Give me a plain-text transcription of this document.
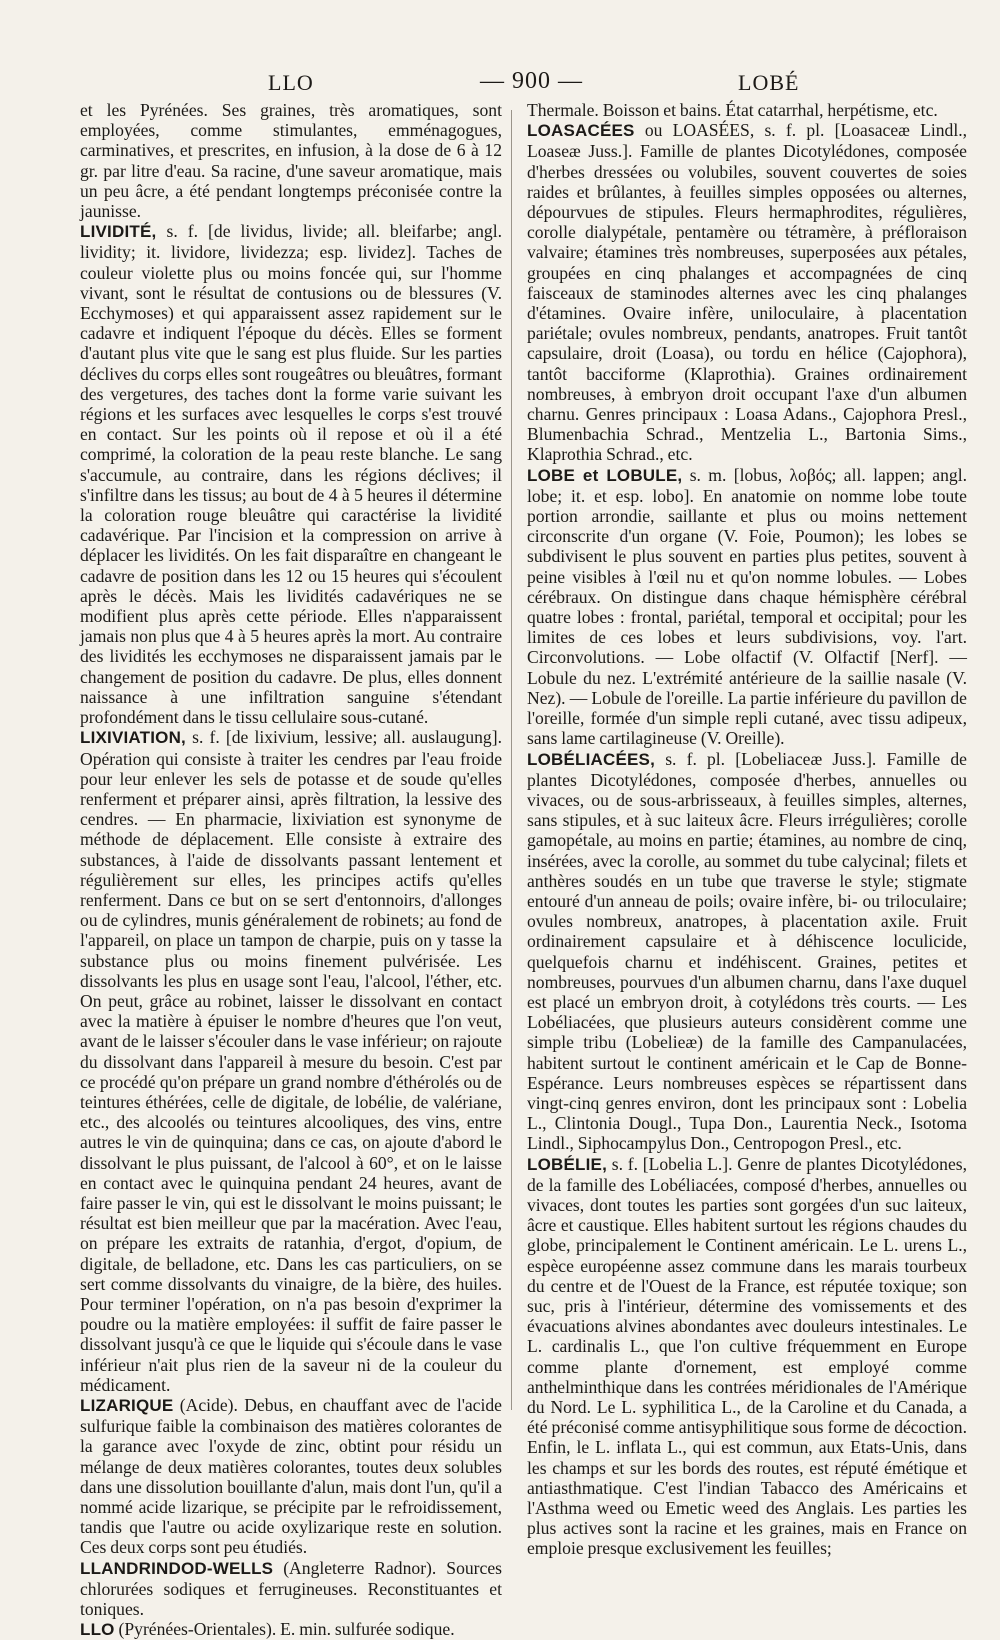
LLO	— 900 —	LOBÉ

et les Pyrénées. Ses graines, très aromatiques, sont employées, comme stimulantes, emménagogues, carminatives, et prescrites, en infusion, à la dose de 6 à 12 gr. par litre d'eau. Sa racine, d'une saveur aromatique, mais un peu âcre, a été pendant longtemps préconisée contre la jaunisse.

LIVIDITÉ, s. f. [de lividus, livide; all. bleifarbe; angl. lividity; it. lividore, lividezza; esp. lividez]. Taches de couleur violette plus ou moins foncée qui, sur l'homme vivant, sont le résultat de contusions ou de blessures (V. Ecchymoses) et qui apparaissent assez rapidement sur le cadavre et indiquent l'époque du décès. Elles se forment d'autant plus vite que le sang est plus fluide. Sur les parties déclives du corps elles sont rougeâtres ou bleuâtres, formant des vergetures, des taches dont la forme varie suivant les régions et les surfaces avec lesquelles le corps s'est trouvé en contact. Sur les points où il repose et où il a été comprimé, la coloration de la peau reste blanche. Le sang s'accumule, au contraire, dans les régions déclives; il s'infiltre dans les tissus; au bout de 4 à 5 heures il détermine la coloration rouge bleuâtre qui caractérise la lividité cadavérique. Par l'incision et la compression on arrive à déplacer les lividités. On les fait disparaître en changeant le cadavre de position dans les 12 ou 15 heures qui s'écoulent après le décès. Mais les lividités cadavériques ne se modifient plus après cette période. Elles n'apparaissent jamais non plus que 4 à 5 heures après la mort. Au contraire des lividités les ecchymoses ne disparaissent jamais par le changement de position du cadavre. De plus, elles donnent naissance à une infiltration sanguine s'étendant profondément dans le tissu cellulaire sous-cutané.

LIXIVIATION, s. f. [de lixivium, lessive; all. auslaugung]. Opération qui consiste à traiter les cendres par l'eau froide pour leur enlever les sels de potasse et de soude qu'elles renferment et préparer ainsi, après filtration, la lessive des cendres. — En pharmacie, lixiviation est synonyme de méthode de déplacement. Elle consiste à extraire des substances, à l'aide de dissolvants passant lentement et régulièrement sur elles, les principes actifs qu'elles renferment. Dans ce but on se sert d'entonnoirs, d'allonges ou de cylindres, munis généralement de robinets; au fond de l'appareil, on place un tampon de charpie, puis on y tasse la substance plus ou moins finement pulvérisée. Les dissolvants les plus en usage sont l'eau, l'alcool, l'éther, etc. On peut, grâce au robinet, laisser le dissolvant en contact avec la matière à épuiser le nombre d'heures que l'on veut, avant de le laisser s'écouler dans le vase inférieur; on rajoute du dissolvant dans l'appareil à mesure du besoin. C'est par ce procédé qu'on prépare un grand nombre d'éthérolés ou de teintures éthérées, celle de digitale, de lobélie, de valériane, etc., des alcoolés ou teintures alcooliques, des vins, entre autres le vin de quinquina; dans ce cas, on ajoute d'abord le dissolvant le plus puissant, de l'alcool à 60°, et on le laisse en contact avec le quinquina pendant 24 heures, avant de faire passer le vin, qui est le dissolvant le moins puissant; le résultat est bien meilleur que par la macération. Avec l'eau, on prépare les extraits de ratanhia, d'ergot, d'opium, de digitale, de belladone, etc. Dans les cas particuliers, on se sert comme dissolvants du vinaigre, de la bière, des huiles. Pour terminer l'opération, on n'a pas besoin d'exprimer la poudre ou la matière employées: il suffit de faire passer le dissolvant jusqu'à ce que le liquide qui s'écoule dans le vase inférieur n'ait plus rien de la saveur ni de la couleur du médicament.

LIZARIQUE (Acide). Debus, en chauffant avec de l'acide sulfurique faible la combinaison des matières colorantes de la garance avec l'oxyde de zinc, obtint pour résidu un mélange de deux matières colorantes, toutes deux solubles dans une dissolution bouillante d'alun, mais dont l'un, qu'il a nommé acide lizarique, se précipite par le refroidissement, tandis que l'autre ou acide oxylizarique reste en solution. Ces deux corps sont peu étudiés.

LLANDRINDOD-WELLS (Angleterre Radnor). Sources chlorurées sodiques et ferrugineuses. Reconstituantes et toniques.

LLO (Pyrénées-Orientales). E. min. sulfurée sodique.

Thermale. Boisson et bains. État catarrhal, herpétisme, etc.

LOASACÉES ou LOASÉES, s. f. pl. [Loasaceæ Lindl., Loaseæ Juss.]. Famille de plantes Dicotylédones, composée d'herbes dressées ou volubiles, souvent couvertes de soies raides et brûlantes, à feuilles simples opposées ou alternes, dépourvues de stipules. Fleurs hermaphrodites, régulières, corolle dialypétale, pentamère ou tétramère, à préfloraison valvaire; étamines très nombreuses, superposées aux pétales, groupées en cinq phalanges et accompagnées de cinq faisceaux de staminodes alternes avec les cinq phalanges d'étamines. Ovaire infère, uniloculaire, à placentation pariétale; ovules nombreux, pendants, anatropes. Fruit tantôt capsulaire, droit (Loasa), ou tordu en hélice (Cajophora), tantôt bacciforme (Klaprothia). Graines ordinairement nombreuses, à embryon droit occupant l'axe d'un albumen charnu. Genres principaux : Loasa Adans., Cajophora Presl., Blumenbachia Schrad., Mentzelia L., Bartonia Sims., Klaprothia Schrad., etc.

LOBE et LOBULE, s. m. [lobus, λοβός; all. lappen; angl. lobe; it. et esp. lobo]. En anatomie on nomme lobe toute portion arrondie, saillante et plus ou moins nettement circonscrite d'un organe (V. Foie, Poumon); les lobes se subdivisent le plus souvent en parties plus petites, souvent à peine visibles à l'œil nu et qu'on nomme lobules. — Lobes cérébraux. On distingue dans chaque hémisphère cérébral quatre lobes : frontal, pariétal, temporal et occipital; pour les limites de ces lobes et leurs subdivisions, voy. l'art. Circonvolutions. — Lobe olfactif (V. Olfactif [Nerf]. — Lobule du nez. L'extrémité antérieure de la saillie nasale (V. Nez). — Lobule de l'oreille. La partie inférieure du pavillon de l'oreille, formée d'un simple repli cutané, avec tissu adipeux, sans lame cartilagineuse (V. Oreille).

LOBÉLIACÉES, s. f. pl. [Lobeliaceæ Juss.]. Famille de plantes Dicotylédones, composée d'herbes, annuelles ou vivaces, ou de sous-arbrisseaux, à feuilles simples, alternes, sans stipules, et à suc laiteux âcre. Fleurs irrégulières; corolle gamopétale, au moins en partie; étamines, au nombre de cinq, insérées, avec la corolle, au sommet du tube calycinal; filets et anthères soudés en un tube que traverse le style; stigmate entouré d'un anneau de poils; ovaire infère, bi- ou triloculaire; ovules nombreux, anatropes, à placentation axile. Fruit ordinairement capsulaire et à déhiscence loculicide, quelquefois charnu et indéhiscent. Graines, petites et nombreuses, pourvues d'un albumen charnu, dans l'axe duquel est placé un embryon droit, à cotylédons très courts. — Les Lobéliacées, que plusieurs auteurs considèrent comme une simple tribu (Lobelieæ) de la famille des Campanulacées, habitent surtout le continent américain et le Cap de Bonne-Espérance. Leurs nombreuses espèces se répartissent dans vingt-cinq genres environ, dont les principaux sont : Lobelia L., Clintonia Dougl., Tupa Don., Laurentia Neck., Isotoma Lindl., Siphocampylus Don., Centropogon Presl., etc.

LOBÉLIE, s. f. [Lobelia L.]. Genre de plantes Dicotylédones, de la famille des Lobéliacées, composé d'herbes, annuelles ou vivaces, dont toutes les parties sont gorgées d'un suc laiteux, âcre et caustique. Elles habitent surtout les régions chaudes du globe, principalement le Continent américain. Le L. urens L., espèce européenne assez commune dans les marais tourbeux du centre et de l'Ouest de la France, est réputée toxique; son suc, pris à l'intérieur, détermine des vomissements et des évacuations alvines abondantes avec douleurs intestinales. Le L. cardinalis L., que l'on cultive fréquemment en Europe comme plante d'ornement, est employé comme anthelminthique dans les contrées méridionales de l'Amérique du Nord. Le L. syphilitica L., de la Caroline et du Canada, a été préconisé comme antisyphilitique sous forme de décoction. Enfin, le L. inflata L., qui est commun, aux Etats-Unis, dans les champs et sur les bords des routes, est réputé émétique et antiasthmatique. C'est l'indian Tabacco des Américains et l'Asthma weed ou Emetic weed des Anglais. Les parties les plus actives sont la racine et les graines, mais en France on emploie presque exclusivement les feuilles;
